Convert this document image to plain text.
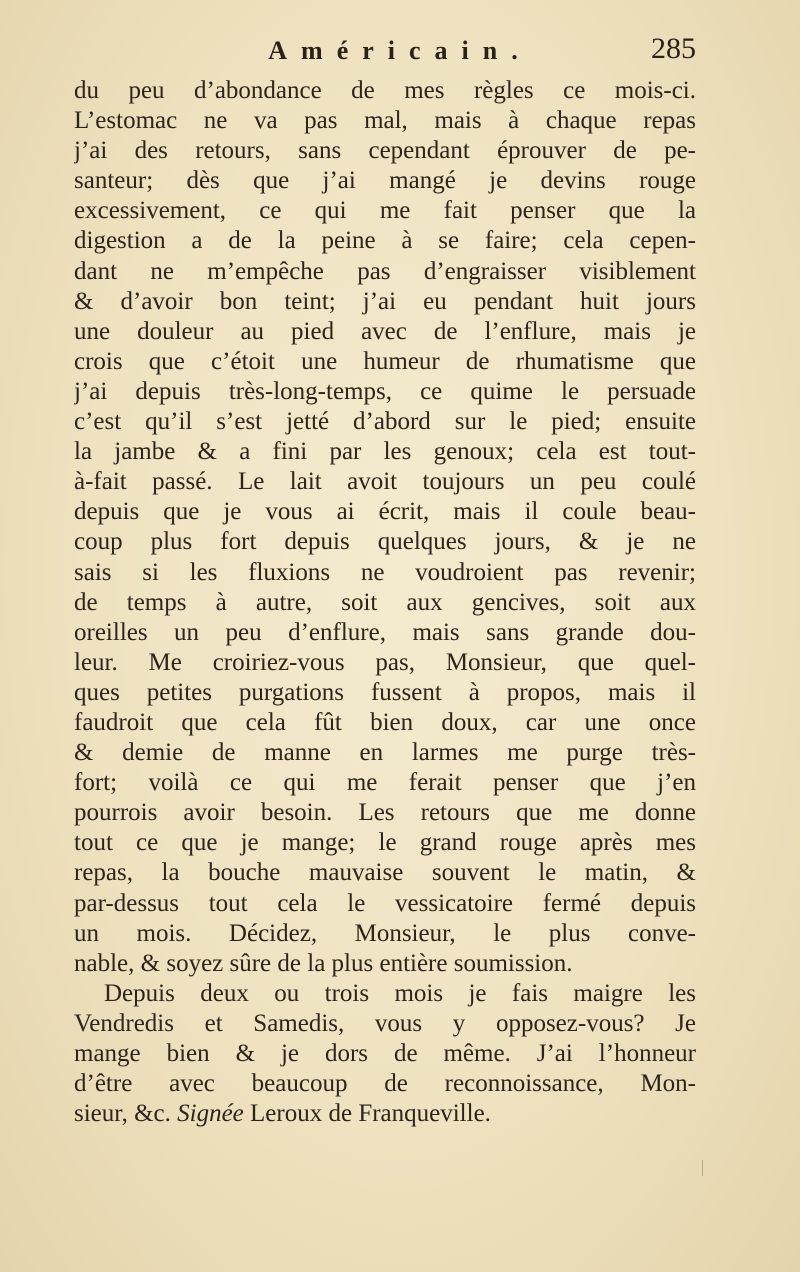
Américain.	285
du peu d’abondance de mes règles ce mois-ci.
L’estomac ne va pas mal, mais à chaque repas
j’ai des retours, sans cependant éprouver de pe-
santeur; dès que j’ai mangé je devins rouge
excessivement, ce qui me fait penser que la
digestion a de la peine à se faire; cela cepen-
dant ne m’empêche pas d’engraisser visiblement
& d’avoir bon teint; j’ai eu pendant huit jours
une douleur au pied avec de l’enflure, mais je
crois que c’étoit une humeur de rhumatisme que
j’ai depuis très-long-temps, ce quime le persuade
c’est qu’il s’est jetté d’abord sur le pied; ensuite
la jambe & a fini par les genoux; cela est tout-
à-fait passé. Le lait avoit toujours un peu coulé
depuis que je vous ai écrit, mais il coule beau-
coup plus fort depuis quelques jours, & je ne
sais si les fluxions ne voudroient pas revenir;
de temps à autre, soit aux gencives, soit aux
oreilles un peu d’enflure, mais sans grande dou-
leur. Me croiriez-vous pas, Monsieur, que quel-
ques petites purgations fussent à propos, mais il
faudroit que cela fût bien doux, car une once
& demie de manne en larmes me purge très-
fort; voilà ce qui me ferait penser que j’en
pourrois avoir besoin. Les retours que me donne
tout ce que je mange; le grand rouge après mes
repas, la bouche mauvaise souvent le matin, &
par-dessus tout cela le vessicatoire fermé depuis
un mois. Décidez, Monsieur, le plus conve-
nable, & soyez sûre de la plus entière soumission.
Depuis deux ou trois mois je fais maigre les
Vendredis et Samedis, vous y opposez-vous? Je
mange bien & je dors de même. J’ai l’honneur
d’être avec beaucoup de reconnoissance, Mon-
sieur, &c. Signée Leroux de Franqueville.
